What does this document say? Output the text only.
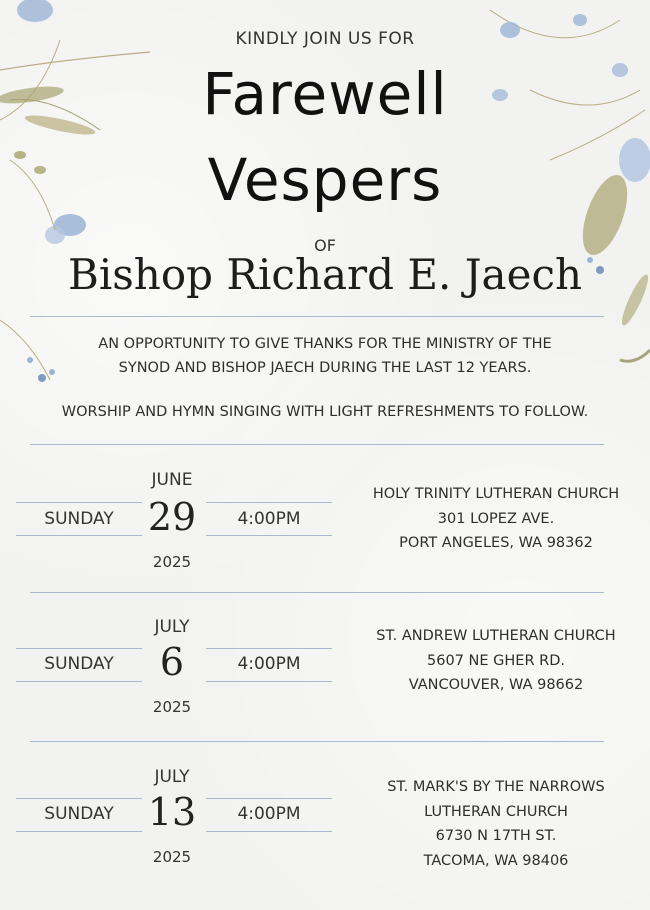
KINDLY JOIN US FOR
Farewell
Vespers
OF
Bishop Richard E. Jaech
AN OPPORTUNITY TO GIVE THANKS FOR THE MINISTRY OF THE
SYNOD AND BISHOP JAECH DURING THE LAST 12 YEARS.
WORSHIP AND HYMN SINGING WITH LIGHT REFRESHMENTS TO FOLLOW.
SUNDAY
JUNE
29
2025
4:00PM
HOLY TRINITY LUTHERAN CHURCH
301 LOPEZ AVE.
PORT ANGELES, WA 98362
SUNDAY
JULY
6
2025
4:00PM
ST. ANDREW LUTHERAN CHURCH
5607 NE GHER RD.
VANCOUVER, WA 98662
SUNDAY
JULY
13
2025
4:00PM
ST. MARK'S BY THE NARROWS
LUTHERAN CHURCH
6730 N 17TH ST.
TACOMA, WA 98406
